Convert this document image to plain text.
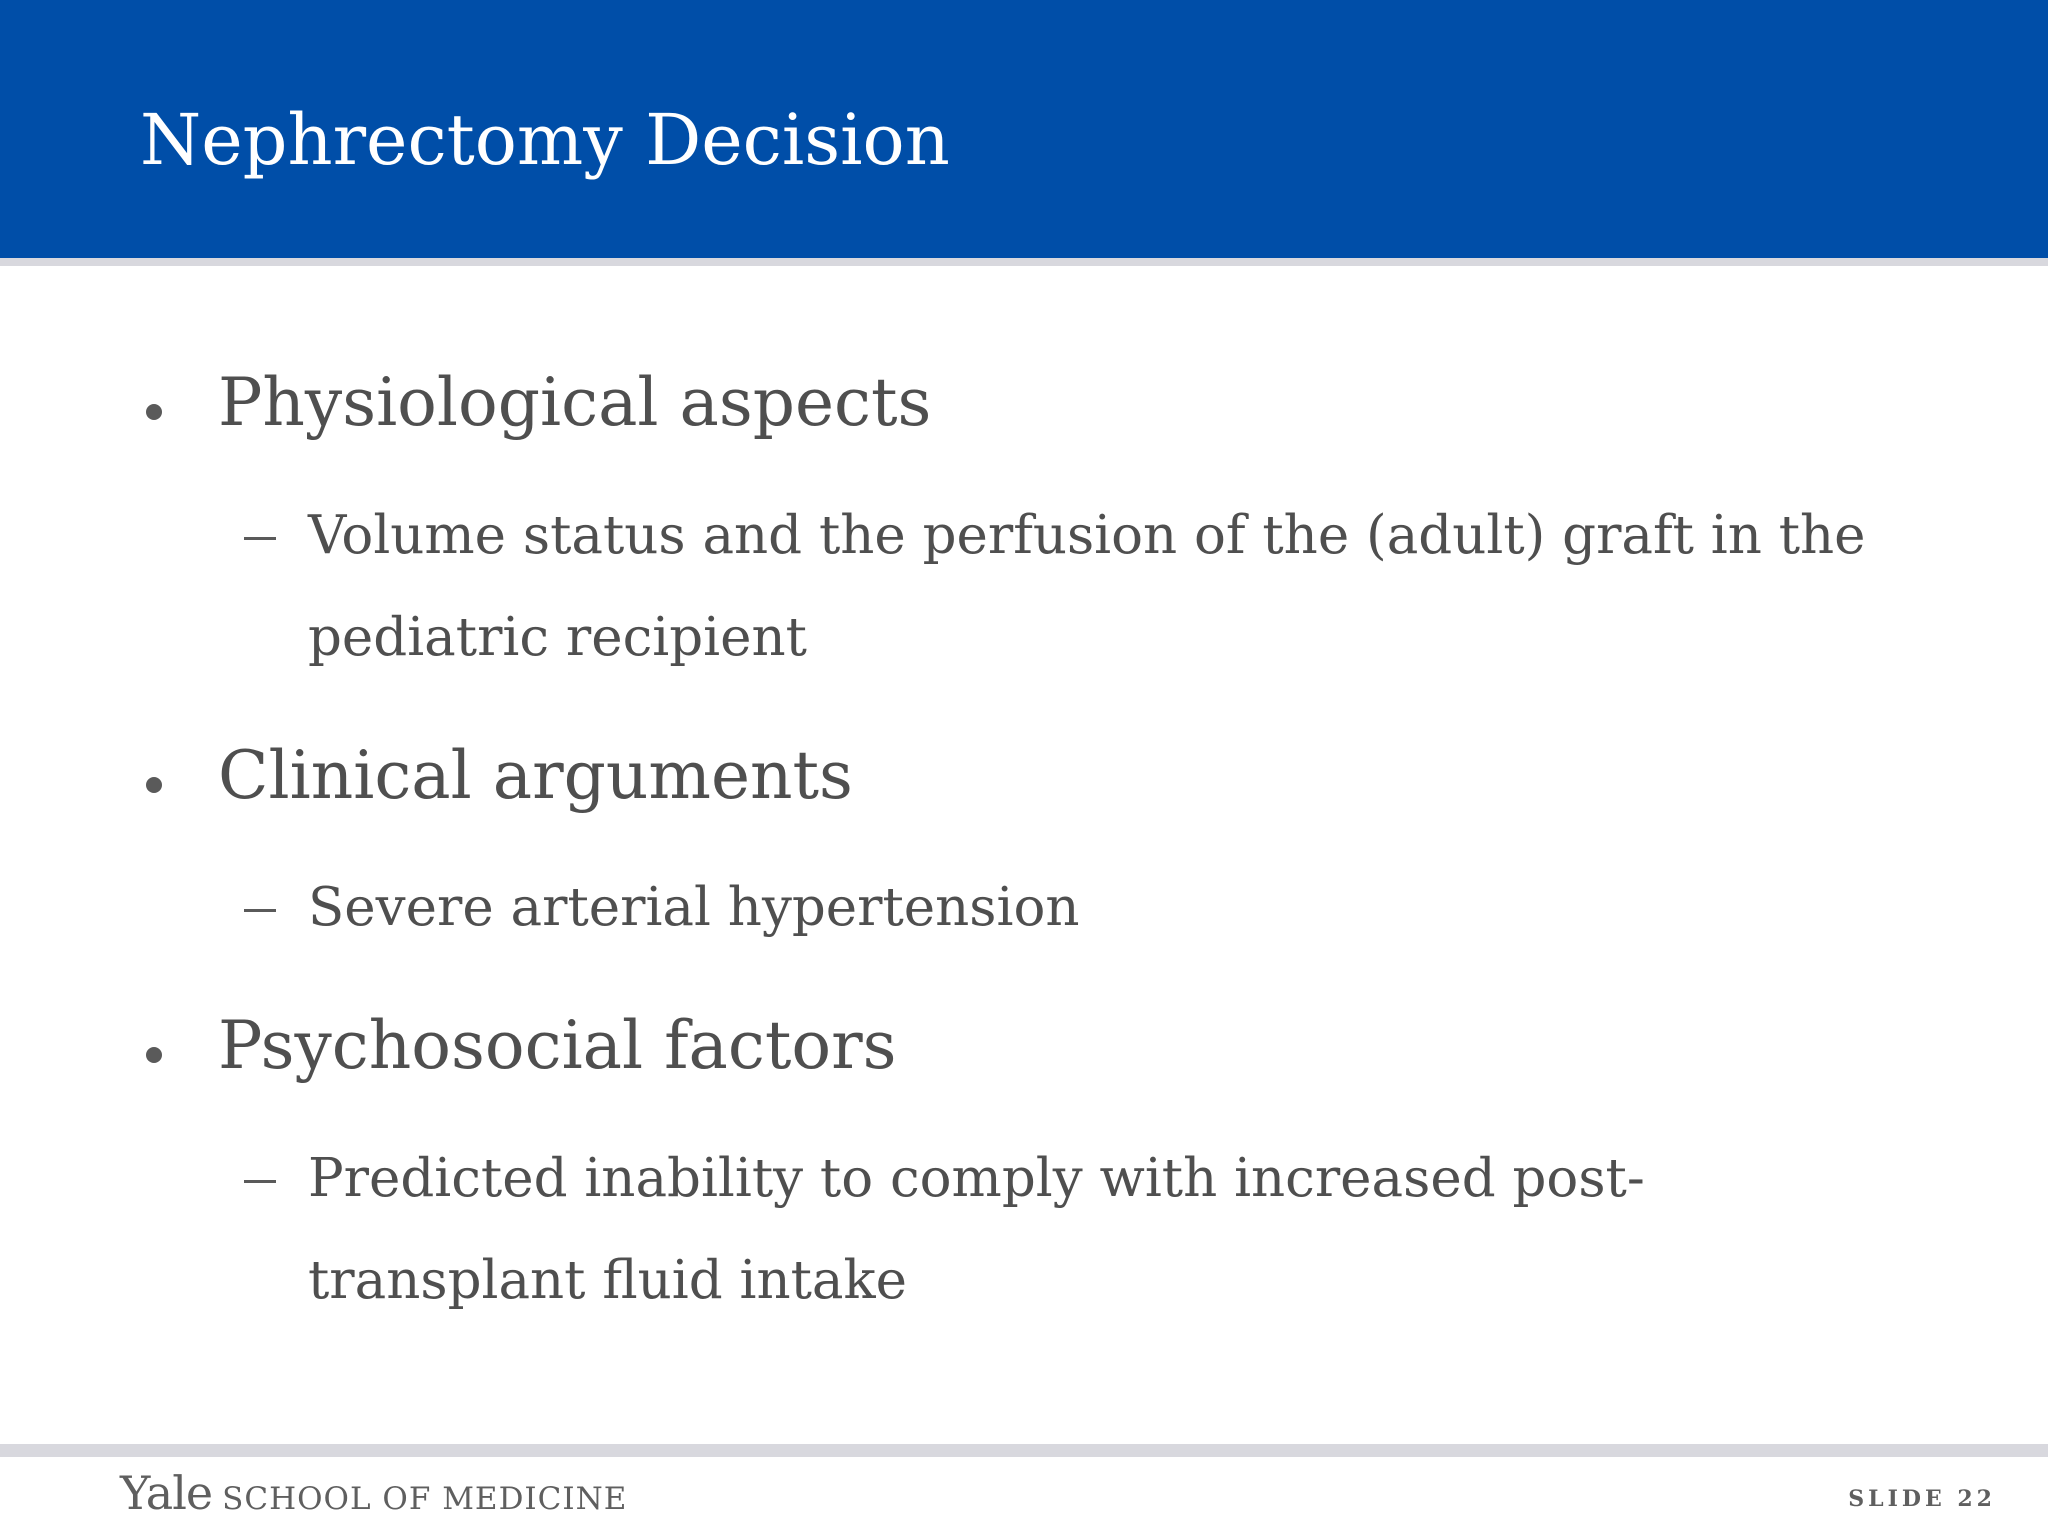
Nephrectomy Decision

Physiological aspects

Volume status and the perfusion of the (adult) graft in the pediatric recipient

Clinical arguments

Severe arterial hypertension

Psychosocial factors

Predicted inability to comply with increased post-transplant fluid intake

Yale SCHOOL OF MEDICINE	SLIDE 22
